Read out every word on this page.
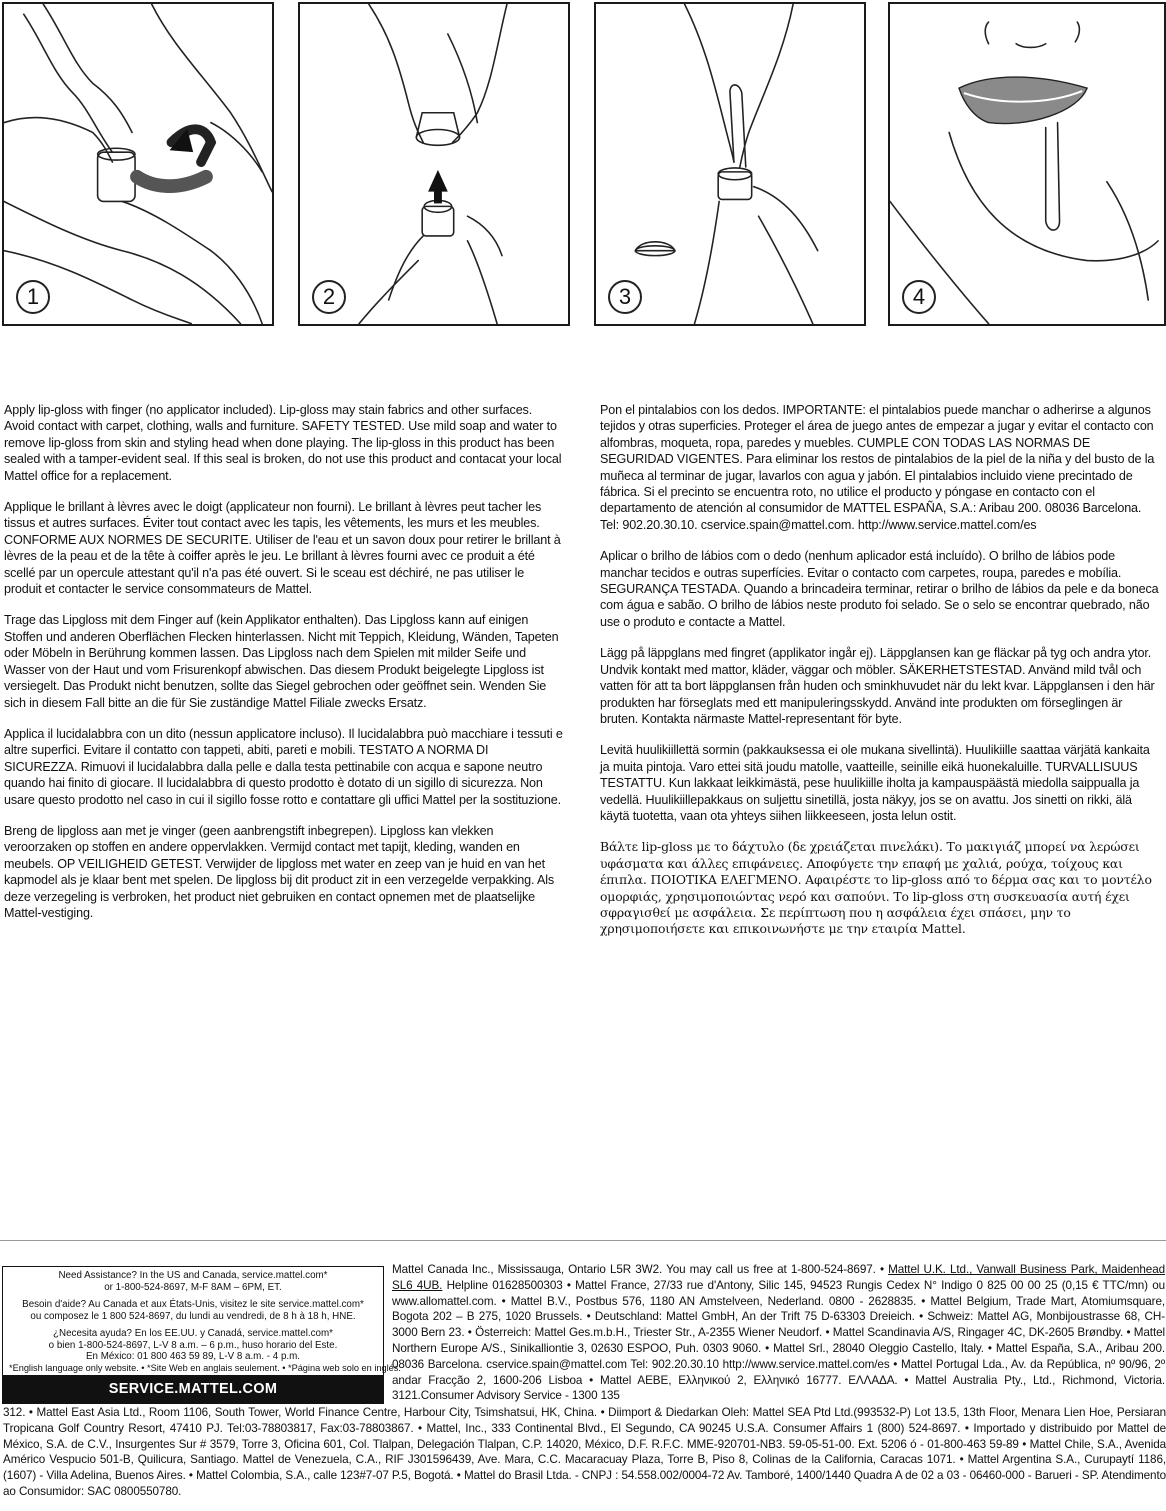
1	2	3	4

Apply lip-gloss with finger (no applicator included). Lip-gloss may stain fabrics and other surfaces. Avoid contact with carpet, clothing, walls and furniture. SAFETY TESTED. Use mild soap and water to remove lip-gloss from skin and styling head when done playing. The lip-gloss in this product has been sealed with a tamper-evident seal. If this seal is broken, do not use this product and contacat your local Mattel office for a replacement.

Applique le brillant à lèvres avec le doigt (applicateur non fourni). Le brillant à lèvres peut tacher les tissus et autres surfaces. Éviter tout contact avec les tapis, les vêtements, les murs et les meubles. CONFORME AUX NORMES DE SECURITE. Utiliser de l'eau et un savon doux pour retirer le brillant à lèvres de la peau et de la tête à coiffer après le jeu. Le brillant à lèvres fourni avec ce produit a été scellé par un opercule attestant qu'il n'a pas été ouvert. Si le sceau est déchiré, ne pas utiliser le produit et contacter le service consommateurs de Mattel.

Trage das Lipgloss mit dem Finger auf (kein Applikator enthalten). Das Lipgloss kann auf einigen Stoffen und anderen Oberflächen Flecken hinterlassen. Nicht mit Teppich, Kleidung, Wänden, Tapeten oder Möbeln in Berührung kommen lassen. Das Lipgloss nach dem Spielen mit milder Seife und Wasser von der Haut und vom Frisurenkopf abwischen. Das diesem Produkt beigelegte Lipgloss ist versiegelt. Das Produkt nicht benutzen, sollte das Siegel gebrochen oder geöffnet sein. Wenden Sie sich in diesem Fall bitte an die für Sie zuständige Mattel Filiale zwecks Ersatz.

Applica il lucidalabbra con un dito (nessun applicatore incluso). Il lucidalabbra può macchiare i tessuti e altre superfici. Evitare il contatto con tappeti, abiti, pareti e mobili. TESTATO A NORMA DI SICUREZZA. Rimuovi il lucidalabbra dalla pelle e dalla testa pettinabile con acqua e sapone neutro quando hai finito di giocare. Il lucidalabbra di questo prodotto è dotato di un sigillo di sicurezza. Non usare questo prodotto nel caso in cui il sigillo fosse rotto e contattare gli uffici Mattel per la sostituzione.

Breng de lipgloss aan met je vinger (geen aanbrengstift inbegrepen). Lipgloss kan vlekken veroorzaken op stoffen en andere oppervlakken. Vermijd contact met tapijt, kleding, wanden en meubels. OP VEILIGHEID GETEST. Verwijder de lipgloss met water en zeep van je huid en van het kapmodel als je klaar bent met spelen. De lipgloss bij dit product zit in een verzegelde verpakking. Als deze verzegeling is verbroken, het product niet gebruiken en contact opnemen met de plaatselijke Mattel-vestiging.

Pon el pintalabios con los dedos. IMPORTANTE: el pintalabios puede manchar o adherirse a algunos tejidos y otras superficies. Proteger el área de juego antes de empezar a jugar y evitar el contacto con alfombras, moqueta, ropa, paredes y muebles. CUMPLE CON TODAS LAS NORMAS DE SEGURIDAD VIGENTES. Para eliminar los restos de pintalabios de la piel de la niña y del busto de la muñeca al terminar de jugar, lavarlos con agua y jabón. El pintalabios incluido viene precintado de fábrica. Si el precinto se encuentra roto, no utilice el producto y póngase en contacto con el departamento de atención al consumidor de MATTEL ESPAÑA, S.A.: Aribau 200. 08036 Barcelona. Tel: 902.20.30.10. cservice.spain@mattel.com. http://www.service.mattel.com/es

Aplicar o brilho de lábios com o dedo (nenhum aplicador está incluído). O brilho de lábios pode manchar tecidos e outras superfícies. Evitar o contacto com carpetes, roupa, paredes e mobília. SEGURANÇA TESTADA. Quando a brincadeira terminar, retirar o brilho de lábios da pele e da boneca com água e sabão. O brilho de lábios neste produto foi selado. Se o selo se encontrar quebrado, não use o produto e contacte a Mattel.

Lägg på läppglans med fingret (applikator ingår ej). Läppglansen kan ge fläckar på tyg och andra ytor. Undvik kontakt med mattor, kläder, väggar och möbler. SÄKERHETSTESTAD. Använd mild tvål och vatten för att ta bort läppglansen från huden och sminkhuvudet när du lekt kvar. Läppglansen i den här produkten har förseglats med ett manipuleringsskydd. Använd inte produkten om förseglingen är bruten. Kontakta närmaste Mattel-representant för byte.

Levitä huulikiillettä sormin (pakkauksessa ei ole mukana sivellintä). Huulikiille saattaa värjätä kankaita ja muita pintoja. Varo ettei sitä joudu matolle, vaatteille, seinille eikä huonekaluille. TURVALLISUUS TESTATTU. Kun lakkaat leikkimästä, pese huulikiille iholta ja kampauspäästä miedolla saippualla ja vedellä. Huulikiillepakkaus on suljettu sinetillä, josta näkyy, jos se on avattu. Jos sinetti on rikki, älä käytä tuotetta, vaan ota yhteys siihen liikkeeseen, josta lelun ostit.

Βάλτε lip-gloss με το δάχτυλο (δε χρειάζεται πινελάκι). Το μακιγιάζ μπορεί να λερώσει υφάσματα και άλλες επιφάνειες. Αποφύγετε την επαφή με χαλιά, ρούχα, τοίχους και έπιπλα. ΠΟΙΟΤΙΚΑ ΕΛΕΓΜΕΝΟ. Αφαιρέστε το lip-gloss από το δέρμα σας και το μοντέλο ομορφιάς, χρησιμοποιώντας νερό και σαπούνι. Το lip-gloss στη συσκευασία αυτή έχει σφραγισθεί με ασφάλεια. Σε περίπτωση που η ασφάλεια έχει σπάσει, μην το χρησιμοποιήσετε και επικοινωνήστε με την εταιρία Mattel.

Need Assistance? In the US and Canada, service.mattel.com*
or 1-800-524-8697, M-F 8AM – 6PM, ET.
Besoin d'aide? Au Canada et aux États-Unis, visitez le site service.mattel.com*
ou composez le 1 800 524-8697, du lundi au vendredi, de 8 h à 18 h, HNE.
¿Necesita ayuda? En los EE.UU. y Canadá, service.mattel.com*
o bien 1-800-524-8697, L-V 8 a.m. – 6 p.m., huso horario del Este.
En México: 01 800 463 59 89, L-V 8 a.m. - 4 p.m.
*English language only website. • *Site Web en anglais seulement. • *Página web solo en inglés.
SERVICE.MATTEL.COM
Mattel Canada Inc., Mississauga, Ontario L5R 3W2. You may call us free at 1-800-524-8697. • Mattel U.K. Ltd., Vanwall Business Park, Maidenhead SL6 4UB. Helpline 01628500303 • Mattel France, 27/33 rue d'Antony, Silic 145, 94523 Rungis Cedex N° Indigo 0 825 00 00 25 (0,15 € TTC/mn) ou www.allomattel.com. • Mattel B.V., Postbus 576, 1180 AN Amstelveen, Nederland. 0800 - 2628835. • Mattel Belgium, Trade Mart, Atomiumsquare, Bogota 202 – B 275, 1020 Brussels. • Deutschland: Mattel GmbH, An der Trift 75 D-63303 Dreieich. • Schweiz: Mattel AG, Monbijoustrasse 68, CH-3000 Bern 23. • Österreich: Mattel Ges.m.b.H., Triester Str., A-2355 Wiener Neudorf. • Mattel Scandinavia A/S, Ringager 4C, DK-2605 Brøndby. • Mattel Northern Europe A/S., Sinikalliontie 3, 02630 ESPOO, Puh. 0303 9060. • Mattel Srl., 28040 Oleggio Castello, Italy. • Mattel España, S.A., Aribau 200. 08036 Barcelona. cservice.spain@mattel.com Tel: 902.20.30.10 http://www.service.mattel.com/es • Mattel Portugal Lda., Av. da República, nº 90/96, 2º andar Fracção 2, 1600-206 Lisboa • Mattel AEBE, Ελληνικού 2, Ελληνικό 16777. ΕΛΛΑΔΑ. • Mattel Australia Pty., Ltd., Richmond, Victoria. 3121.Consumer Advisory Service - 1300 135
312. • Mattel East Asia Ltd., Room 1106, South Tower, World Finance Centre, Harbour City, Tsimshatsui, HK, China. • Diimport & Diedarkan Oleh: Mattel SEA Ptd Ltd.(993532-P) Lot 13.5, 13th Floor, Menara Lien Hoe, Persiaran Tropicana Golf Country Resort, 47410 PJ. Tel:03-78803817, Fax:03-78803867. • Mattel, Inc., 333 Continental Blvd., El Segundo, CA 90245 U.S.A. Consumer Affairs 1 (800) 524-8697. • Importado y distribuido por Mattel de México, S.A. de C.V., Insurgentes Sur # 3579, Torre 3, Oficina 601, Col. Tlalpan, Delegación Tlalpan, C.P. 14020, México, D.F. R.F.C. MME-920701-NB3. 59-05-51-00. Ext. 5206 ó - 01-800-463 59-89 • Mattel Chile, S.A., Avenida Américo Vespucio 501-B, Quilicura, Santiago. Mattel de Venezuela, C.A., RIF J301596439, Ave. Mara, C.C. Macaracuay Plaza, Torre B, Piso 8, Colinas de la California, Caracas 1071. • Mattel Argentina S.A., Curupaytí 1186, (1607) - Villa Adelina, Buenos Aires. • Mattel Colombia, S.A., calle 123#7-07 P.5, Bogotá. • Mattel do Brasil Ltda. - CNPJ : 54.558.002/0004-72 Av. Tamboré, 1400/1440 Quadra A de 02 a 03 - 06460-000 - Barueri - SP. Atendimento ao Consumidor: SAC 0800550780.
